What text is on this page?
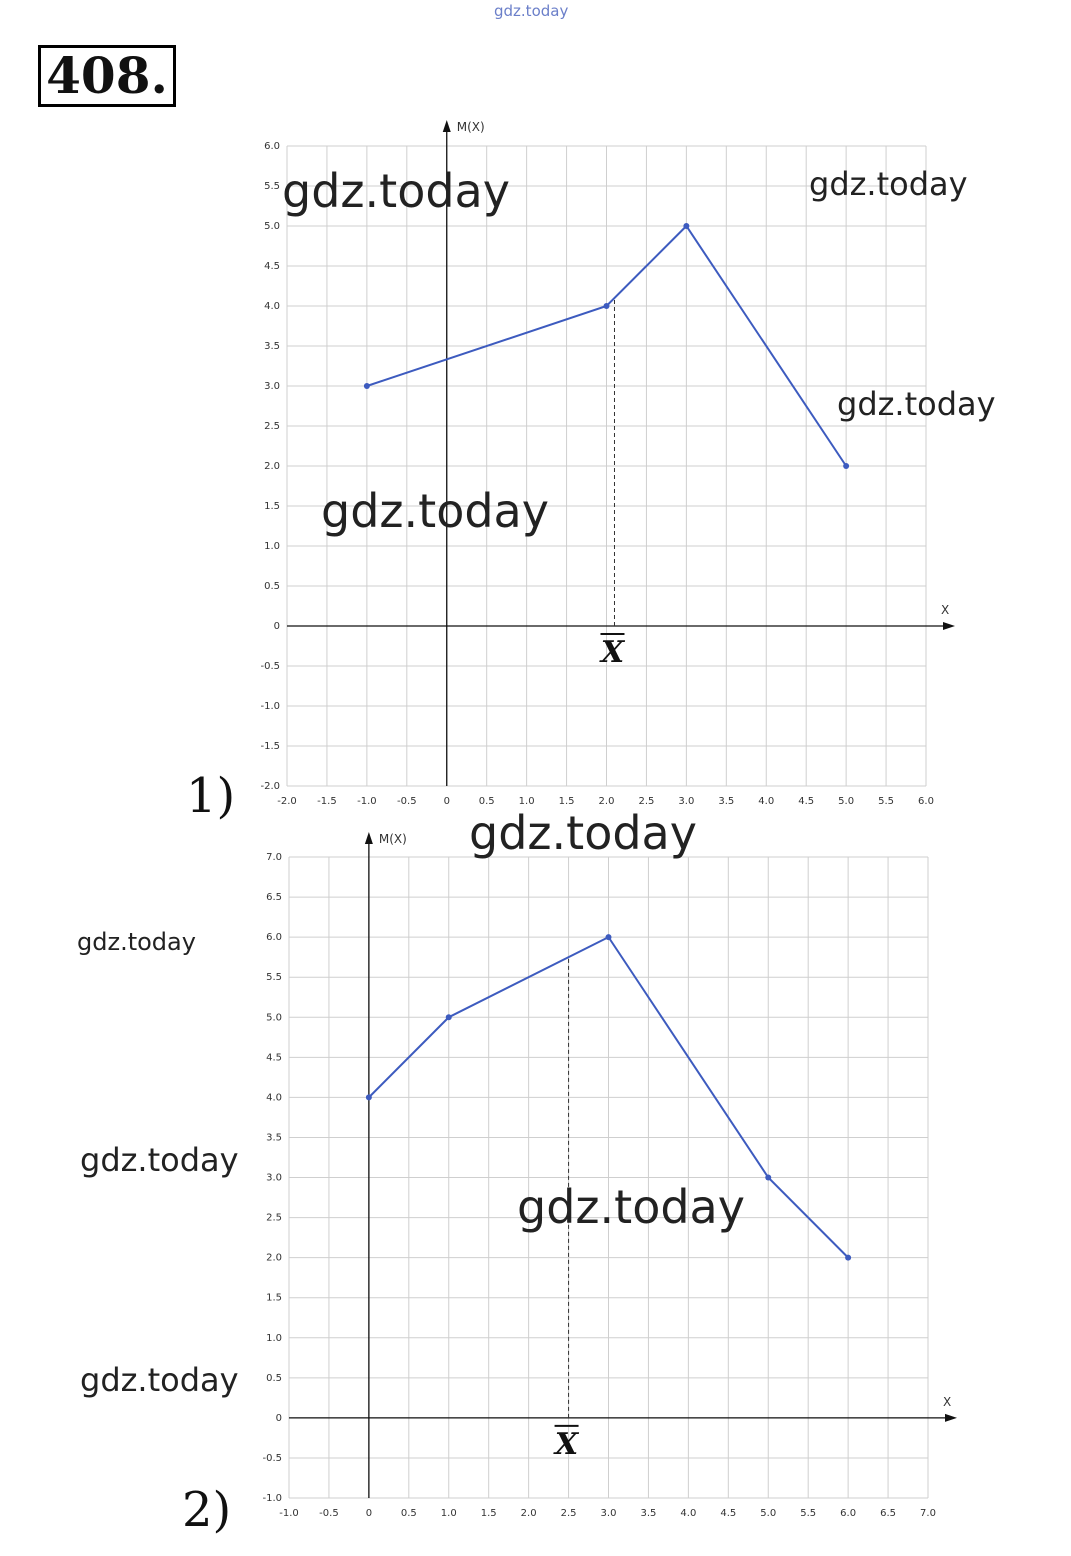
408.
1)
2)
M(X)
X
-2.0 -1.5 -1.0 -0.5	0	0.5 1.0 1.5 2.0 2.5 3.0 3.5 4.0 4.5 5.0 5.5 6.0
-2.0
-1.5
-1.0
-0.5
0
0.5
1.0
1.5
2.0
2.5
3.0
3.5
4.0
4.5
5.0
5.5
6.0
X
M(X)
X
-1.0 -0.5	0	0.5 1.0 1.5 2.0 2.5 3.0 3.5 4.0 4.5 5.0 5.5 6.0 6.5 7.0
-1.0
-0.5
0
0.5
1.0
1.5
2.0
2.5
3.0
3.5
4.0
4.5
5.0
5.5
6.0
6.5
7.0
X
gdz.today
gdz.today	gdz.today
gdz.today
gdz.today
gdz.today
gdz.today
gdz.today
gdz.today
gdz.today
